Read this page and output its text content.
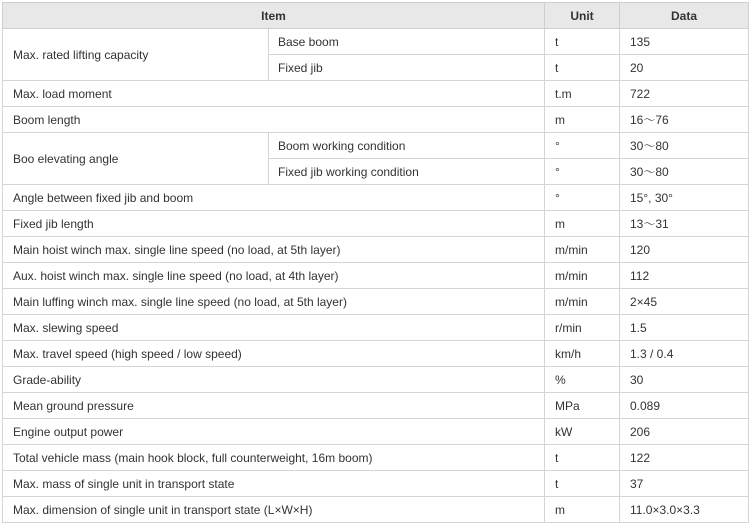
Item		Unit	Data
Max. rated lifting capacity	Base boom	t	135
	Fixed jib	t	20
Max. load moment		t.m	722
Boom length		m	16～76
Boo elevating angle	Boom working condition	°	30～80
	Fixed jib working condition	°	30～80
Angle between fixed jib and boom		°	15°, 30°
Fixed jib length		m	13～31
Main hoist winch max. single line speed (no load, at 5th layer)		m/min	120
Aux. hoist winch max. single line speed (no load, at 4th layer)		m/min	112
Main luffing winch max. single line speed (no load, at 5th layer)		m/min	2×45
Max. slewing speed		r/min	1.5
Max. travel speed (high speed / low speed)		km/h	1.3 / 0.4
Grade-ability		%	30
Mean ground pressure		MPa	0.089
Engine output power		kW	206
Total vehicle mass (main hook block, full counterweight, 16m boom)		t	122
Max. mass of single unit in transport state		t	37
Max. dimension of single unit in transport state (L×W×H)		m	11.0×3.0×3.3
